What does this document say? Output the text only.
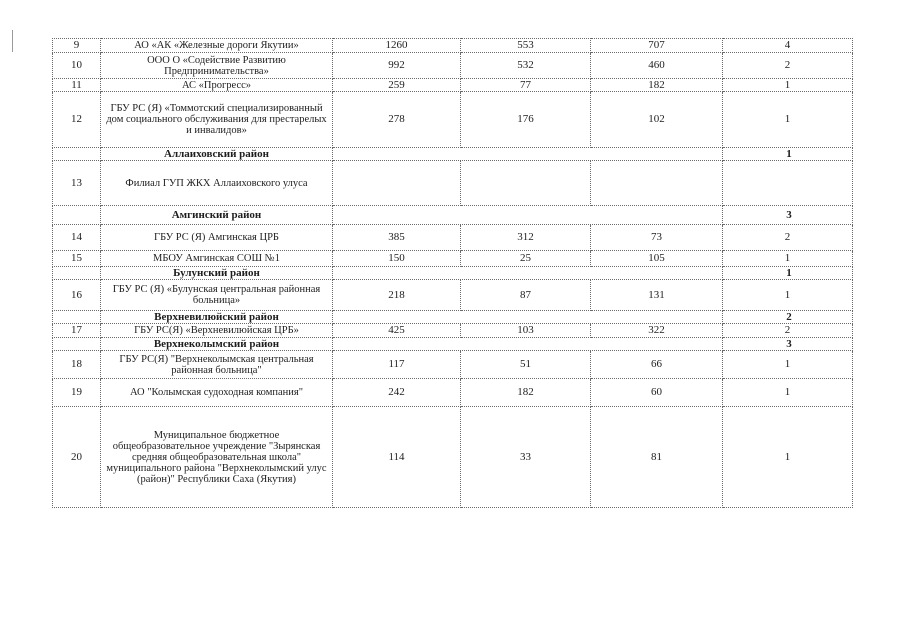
9	АО «АК «Железные дороги Якутии»	1260	553	707	4
10	ООО О «Содействие Развитию Предпринимательства»	992	532	460	2
11	АС «Прогресс»	259	77	182	1
12	ГБУ РС (Я) «Томмотский специализированный дом социального обслуживания для престарелых и инвалидов»	278	176	102	1
	Аллаиховский район				1
13	Филиал ГУП ЖКХ Аллаиховского улуса				
	Амгинский район				3
14	ГБУ РС (Я) Амгинская ЦРБ	385	312	73	2
15	МБОУ Амгинская СОШ №1	150	25	105	1
	Булунский район				1
16	ГБУ РС (Я) «Булунская центральная районная больница»	218	87	131	1
	Верхневилюйский район				2
17	ГБУ РС(Я) «Верхневилюйская ЦРБ»	425	103	322	2
	Верхнеколымский район				3
18	ГБУ РС(Я) "Верхнеколымская центральная районная больница"	117	51	66	1
19	АО "Колымская судоходная компания"	242	182	60	1
20	Муниципальное бюджетное общеобразовательное учреждение "Зырянская средняя общеобразовательная школа" муниципального района "Верхнеколымский улус (район)" Республики Саха (Якутия)	114	33	81	1
